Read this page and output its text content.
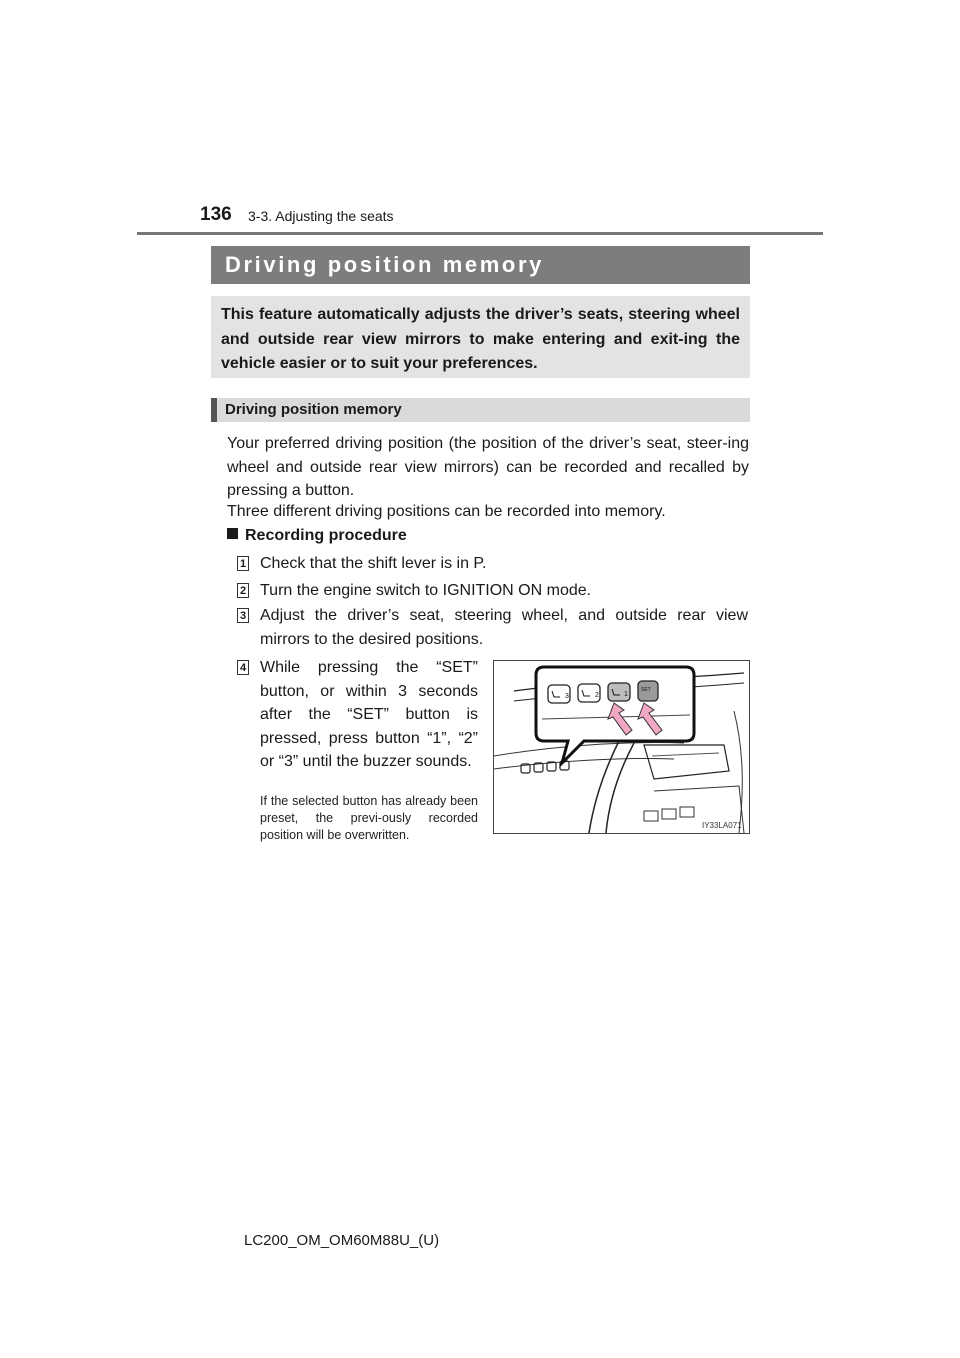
136 3-3. Adjusting the seats
Driving position memory
This feature automatically adjusts the driver’s seats, steering wheel and outside rear view mirrors to make entering and exit-ing the vehicle easier or to suit your preferences.
Driving position memory
Your preferred driving position (the position of the driver’s seat, steer-ing wheel and outside rear view mirrors) can be recorded and recalled by pressing a button.
Three different driving positions can be recorded into memory.
Recording procedure
1 Check that the shift lever is in P.
2 Turn the engine switch to IGNITION ON mode.
3 Adjust the driver’s seat, steering wheel, and outside rear view mirrors to the desired positions.
4 While pressing the “SET” button, or within 3 seconds after the “SET” button is pressed, press button “1”, “2” or “3” until the buzzer sounds.
If the selected button has already been preset, the previ-ously recorded position will be overwritten.
3	2	1
SET
IY33LA071
LC200_OM_OM60M88U_(U)
